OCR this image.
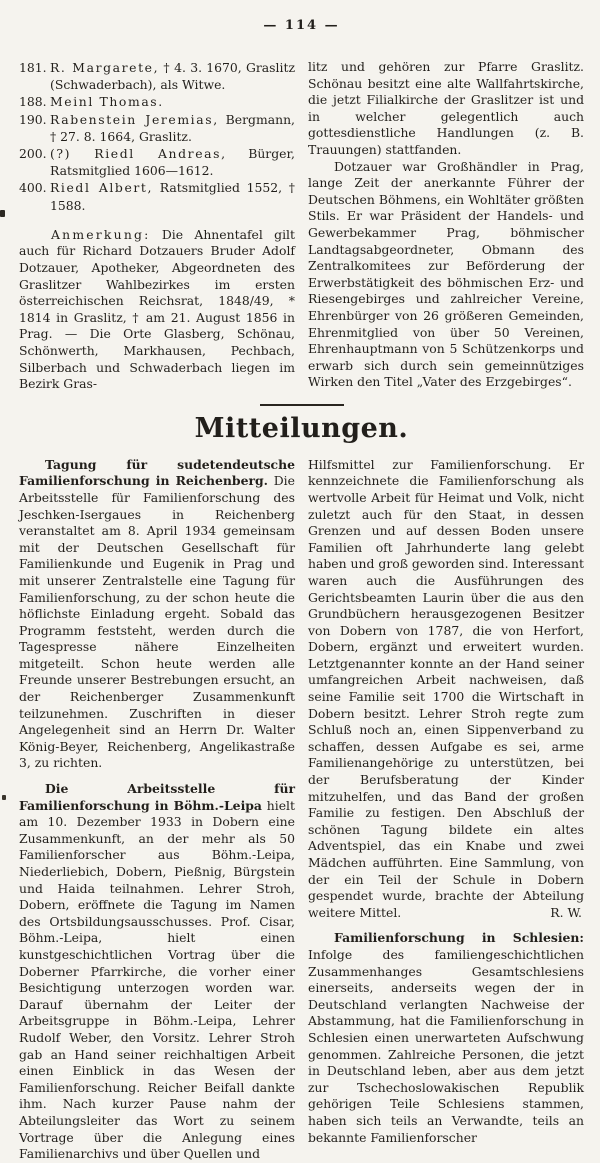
— 114 —

181. R. Margarete, † 4. 3. 1670, Graslitz (Schwaderbach), als Witwe.

188. Meinl Thomas.

190. Rabenstein Jeremias, Bergmann, † 27. 8. 1664, Graslitz.

200. (?) Riedl Andreas, Bürger, Ratsmitglied 1606—1612.

400. Riedl Albert, Ratsmitglied 1552, † 1588.

Anmerkung: Die Ahnentafel gilt auch für Richard Dotzauers Bruder Adolf Dotzauer, Apotheker, Abgeordneten des Graslitzer Wahlbezirkes im ersten österreichischen Reichsrat, 1848/49, * 1814 in Graslitz, † am 21. August 1856 in Prag. — Die Orte Glasberg, Schönau, Schönwerth, Markhausen, Pechbach, Silberbach und Schwaderbach liegen im Bezirk Gras-

litz und gehören zur Pfarre Graslitz. Schönau besitzt eine alte Wallfahrtskirche, die jetzt Filialkirche der Graslitzer ist und in welcher gelegentlich auch gottesdienstliche Handlungen (z. B. Trauungen) stattfanden.

Dotzauer war Großhändler in Prag, lange Zeit der anerkannte Führer der Deutschen Böhmens, ein Wohltäter größten Stils. Er war Präsident der Handels- und Gewerbekammer Prag, böhmischer Landtagsabgeordneter, Obmann des Zentralkomitees zur Beförderung der Erwerbstätigkeit des böhmischen Erz- und Riesengebirges und zahlreicher Vereine, Ehrenbürger von 26 größeren Gemeinden, Ehrenmitglied von über 50 Vereinen, Ehrenhauptmann von 5 Schützenkorps und erwarb sich durch sein gemeinnütziges Wirken den Titel „Vater des Erzgebirges“.

Mitteilungen.

Tagung für sudetendeutsche Familienforschung in Reichenberg. Die Arbeitsstelle für Familienforschung des Jeschken-Isergaues in Reichenberg veranstaltet am 8. April 1934 gemeinsam mit der Deutschen Gesellschaft für Familienkunde und Eugenik in Prag und mit unserer Zentralstelle eine Tagung für Familienforschung, zu der schon heute die höflichste Einladung ergeht. Sobald das Programm feststeht, werden durch die Tagespresse nähere Einzelheiten mitgeteilt. Schon heute werden alle Freunde unserer Bestrebungen ersucht, an der Reichenberger Zusammenkunft teilzunehmen. Zuschriften in dieser Angelegenheit sind an Herrn Dr. Walter König-Beyer, Reichenberg, Angelikastraße 3, zu richten.

Die Arbeitsstelle für Familienforschung in Böhm.-Leipa hielt am 10. Dezember 1933 in Dobern eine Zusammenkunft, an der mehr als 50 Familienforscher aus Böhm.-Leipa, Niederliebich, Dobern, Pießnig, Bürgstein und Haida teilnahmen. Lehrer Stroh, Dobern, eröffnete die Tagung im Namen des Ortsbildungsausschusses. Prof. Cisar, Böhm.-Leipa, hielt einen kunstgeschichtlichen Vortrag über die Doberner Pfarrkirche, die vorher einer Besichtigung unterzogen worden war. Darauf übernahm der Leiter der Arbeitsgruppe in Böhm.-Leipa, Lehrer Rudolf Weber, den Vorsitz. Lehrer Stroh gab an Hand seiner reichhaltigen Arbeit einen Einblick in das Wesen der Familienforschung. Reicher Beifall dankte ihm. Nach kurzer Pause nahm der Abteilungsleiter das Wort zu seinem Vortrage über die Anlegung eines Familienarchivs und über Quellen und

Hilfsmittel zur Familienforschung. Er kennzeichnete die Familienforschung als wertvolle Arbeit für Heimat und Volk, nicht zuletzt auch für den Staat, in dessen Grenzen und auf dessen Boden unsere Familien oft Jahrhunderte lang gelebt haben und groß geworden sind. Interessant waren auch die Ausführungen des Gerichtsbeamten Laurin über die aus den Grundbüchern herausgezogenen Besitzer von Dobern von 1787, die von Herfort, Dobern, ergänzt und erweitert wurden. Letztgenannter konnte an der Hand seiner umfangreichen Arbeit nachweisen, daß seine Familie seit 1700 die Wirtschaft in Dobern besitzt. Lehrer Stroh regte zum Schluß noch an, einen Sippenverband zu schaffen, dessen Aufgabe es sei, arme Familienangehörige zu unterstützen, bei der Berufsberatung der Kinder mitzuhelfen, und das Band der großen Familie zu festigen. Den Abschluß der schönen Tagung bildete ein altes Adventspiel, das ein Knabe und zwei Mädchen aufführten. Eine Sammlung, von der ein Teil der Schule in Dobern gespendet wurde, brachte der Abteilung weitere Mittel.	R. W.

Familienforschung in Schlesien: Infolge des familiengeschichtlichen Zusammenhanges Gesamtschlesiens einerseits, anderseits wegen der in Deutschland verlangten Nachweise der Abstammung, hat die Familienforschung in Schlesien einen unerwarteten Aufschwung genommen. Zahlreiche Personen, die jetzt in Deutschland leben, aber aus dem jetzt zur Tschechoslowakischen Republik gehörigen Teile Schlesiens stammen, haben sich teils an Verwandte, teils an bekannte Familienforscher
